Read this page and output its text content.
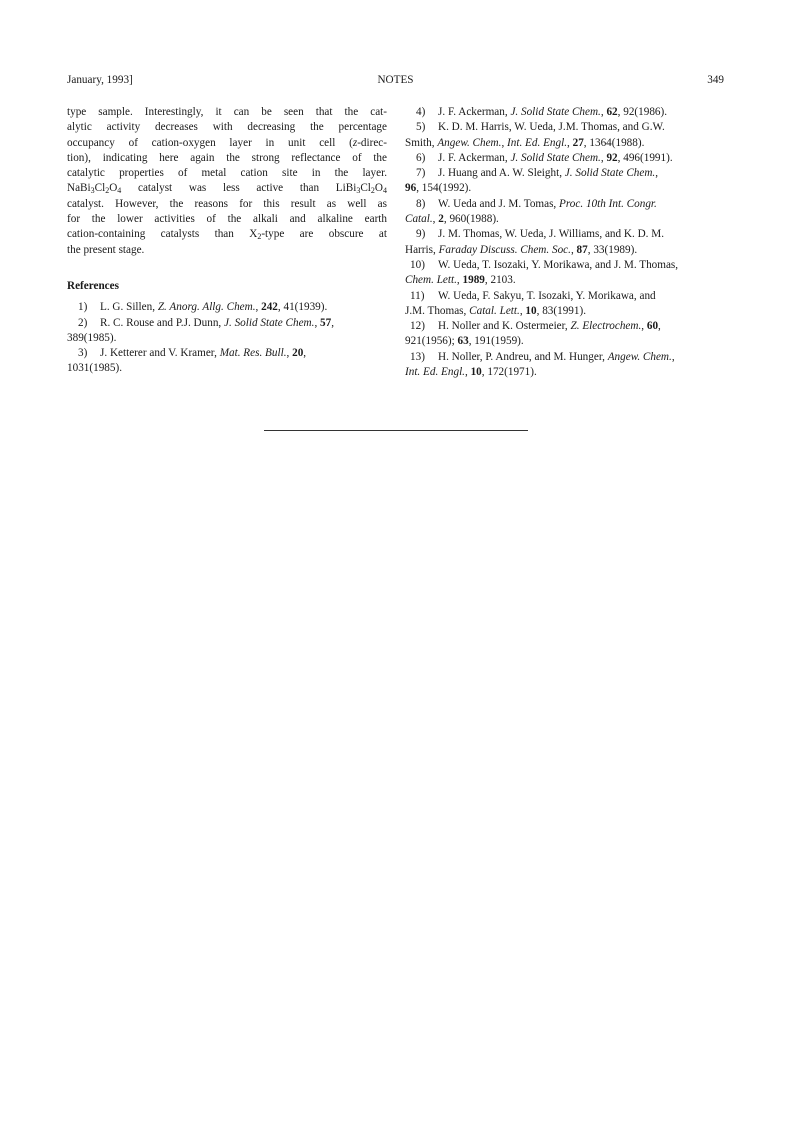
January, 1993]	NOTES	349
type sample. Interestingly, it can be seen that the cat-
alytic activity decreases with decreasing the percentage
occupancy of cation-oxygen layer in unit cell (z-direc-
tion), indicating here again the strong reflectance of the
catalytic properties of metal cation site in the layer.
$NaBi_3Cl_2O_4$ catalyst was less active than $LiBi_3Cl_2O_4$
catalyst. However, the reasons for this result as well as
for the lower activities of the alkali and alkaline earth
cation-containing catalysts than $X_2$-type are obscure at
the present stage.
References
1) L. G. Sillen, Z. Anorg. Allg. Chem., 242, 41(1939).
2) R. C. Rouse and P.J. Dunn, J. Solid State Chem., 57,
389(1985).
3) J. Ketterer and V. Kramer, Mat. Res. Bull., 20,
1031(1985).
4) J. F. Ackerman, J. Solid State Chem., 62, 92(1986).
5) K. D. M. Harris, W. Ueda, J.M. Thomas, and G.W.
Smith, Angew. Chem., Int. Ed. Engl., 27, 1364(1988).
6) J. F. Ackerman, J. Solid State Chem., 92, 496(1991).
7) J. Huang and A. W. Sleight, J. Solid State Chem.,
96, 154(1992).
8) W. Ueda and J. M. Tomas, Proc. 10th Int. Congr.
Catal., 2, 960(1988).
9) J. M. Thomas, W. Ueda, J. Williams, and K. D. M.
Harris, Faraday Discuss. Chem. Soc., 87, 33(1989).
10) W. Ueda, T. Isozaki, Y. Morikawa, and J. M. Thomas,
Chem. Lett., 1989, 2103.
11) W. Ueda, F. Sakyu, T. Isozaki, Y. Morikawa, and
J.M. Thomas, Catal. Lett., 10, 83(1991).
12) H. Noller and K. Ostermeier, Z. Electrochem., 60,
921(1956); 63, 191(1959).
13) H. Noller, P. Andreu, and M. Hunger, Angew. Chem.,
Int. Ed. Engl., 10, 172(1971).
